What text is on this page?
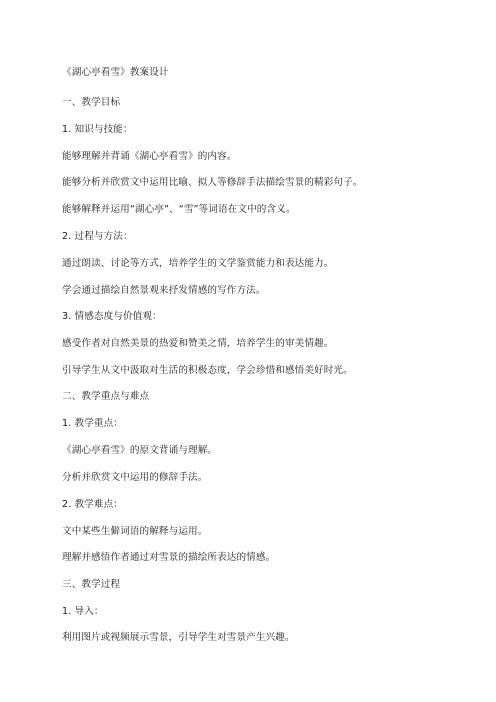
《湖心亭看雪》教案设计
一、教学目标
1. 知识与技能：
能够理解并背诵《湖心亭看雪》的内容。
能够分析并欣赏文中运用比喻、拟人等修辞手法描绘雪景的精彩句子。
能够解释并运用“湖心亭”、“雪”等词语在文中的含义。
2. 过程与方法：
通过朗读、讨论等方式，培养学生的文学鉴赏能力和表达能力。
学会通过描绘自然景观来抒发情感的写作方法。
3. 情感态度与价值观：
感受作者对自然美景的热爱和赞美之情，培养学生的审美情趣。
引导学生从文中汲取对生活的积极态度，学会珍惜和感悟美好时光。
二、教学重点与难点
1. 教学重点：
《湖心亭看雪》的原文背诵与理解。
分析并欣赏文中运用的修辞手法。
2. 教学难点：
文中某些生僻词语的解释与运用。
理解并感悟作者通过对雪景的描绘所表达的情感。
三、教学过程
1. 导入：
利用图片或视频展示雪景，引导学生对雪景产生兴趣。
